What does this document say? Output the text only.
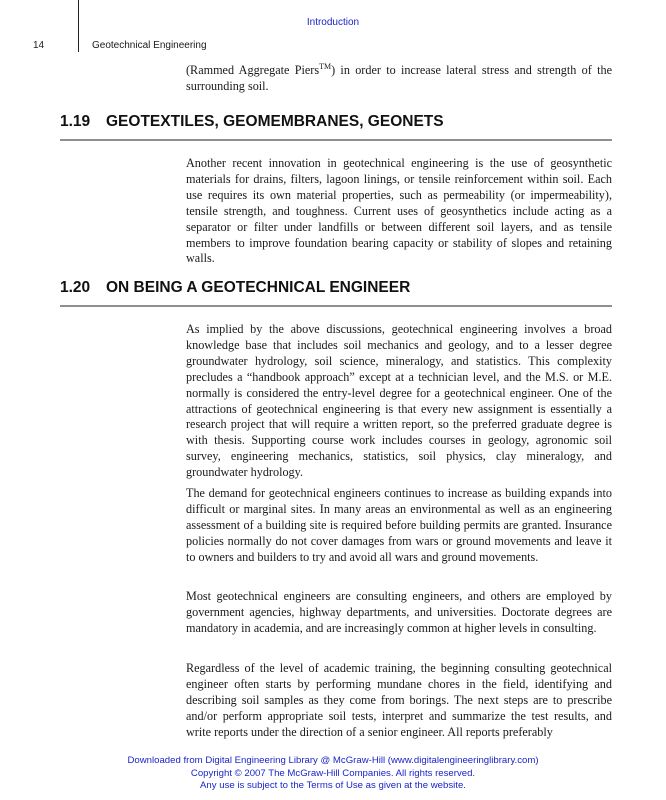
Introduction
14	Geotechnical Engineering

(Rammed Aggregate Piers™) in order to increase lateral stress and strength of the surrounding soil.

1.19 GEOTEXTILES, GEOMEMBRANES, GEONETS

Another recent innovation in geotechnical engineering is the use of geosynthetic materials for drains, filters, lagoon linings, or tensile reinforcement within soil. Each use requires its own material properties, such as permeability (or impermeability), tensile strength, and toughness. Current uses of geosynthetics include acting as a separator or filter under landfills or between different soil layers, and as tensile members to improve foundation bearing capacity or stability of slopes and retaining walls.

1.20 ON BEING A GEOTECHNICAL ENGINEER

As implied by the above discussions, geotechnical engineering involves a broad knowledge base that includes soil mechanics and geology, and to a lesser degree groundwater hydrology, soil science, mineralogy, and statistics. This complexity precludes a “handbook approach” except at a technician level, and the M.S. or M.E. normally is considered the entry-level degree for a geotechnical engineer. One of the attractions of geotechnical engineering is that every new assignment is essentially a research project that will require a written report, so the preferred graduate degree is with thesis. Supporting course work includes courses in geology, agronomic soil survey, engineering mechanics, statistics, soil physics, clay mineralogy, and groundwater hydrology.

The demand for geotechnical engineers continues to increase as building expands into difficult or marginal sites. In many areas an environmental as well as an engineering assessment of a building site is required before building permits are granted. Insurance policies normally do not cover damages from wars or ground movements and leave it to owners and builders to try and avoid all wars and ground movements.

Most geotechnical engineers are consulting engineers, and others are employed by government agencies, highway departments, and universities. Doctorate degrees are mandatory in academia, and are increasingly common at higher levels in consulting.

Regardless of the level of academic training, the beginning consulting geotechnical engineer often starts by performing mundane chores in the field, identifying and describing soil samples as they come from borings. The next steps are to prescribe and/or perform appropriate soil tests, interpret and summarize the test results, and write reports under the direction of a senior engineer. All reports preferably

Downloaded from Digital Engineering Library @ McGraw-Hill (www.digitalengineeringlibrary.com)
Copyright © 2007 The McGraw-Hill Companies. All rights reserved.
Any use is subject to the Terms of Use as given at the website.
